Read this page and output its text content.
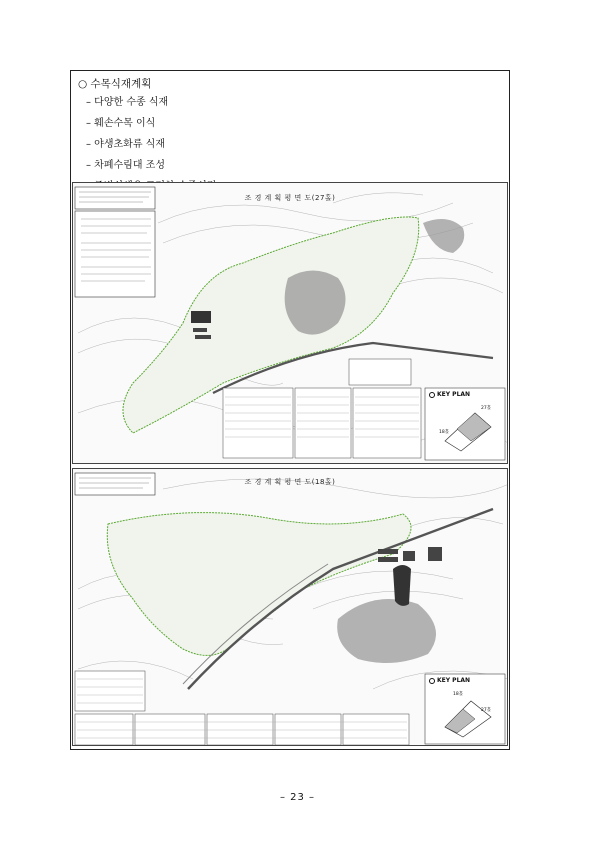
○ 수목식재계획
– 다양한 수종 식재
– 훼손수목 이식
– 야생초화류 식재
– 차폐수림대 조성
조 경 계 획 평 면 도(27홀)
KEY PLAN
27홀
18홀
조 경 계 획 평 면 도(18홀)
KEY PLAN
18홀
27홀
– 23 –
